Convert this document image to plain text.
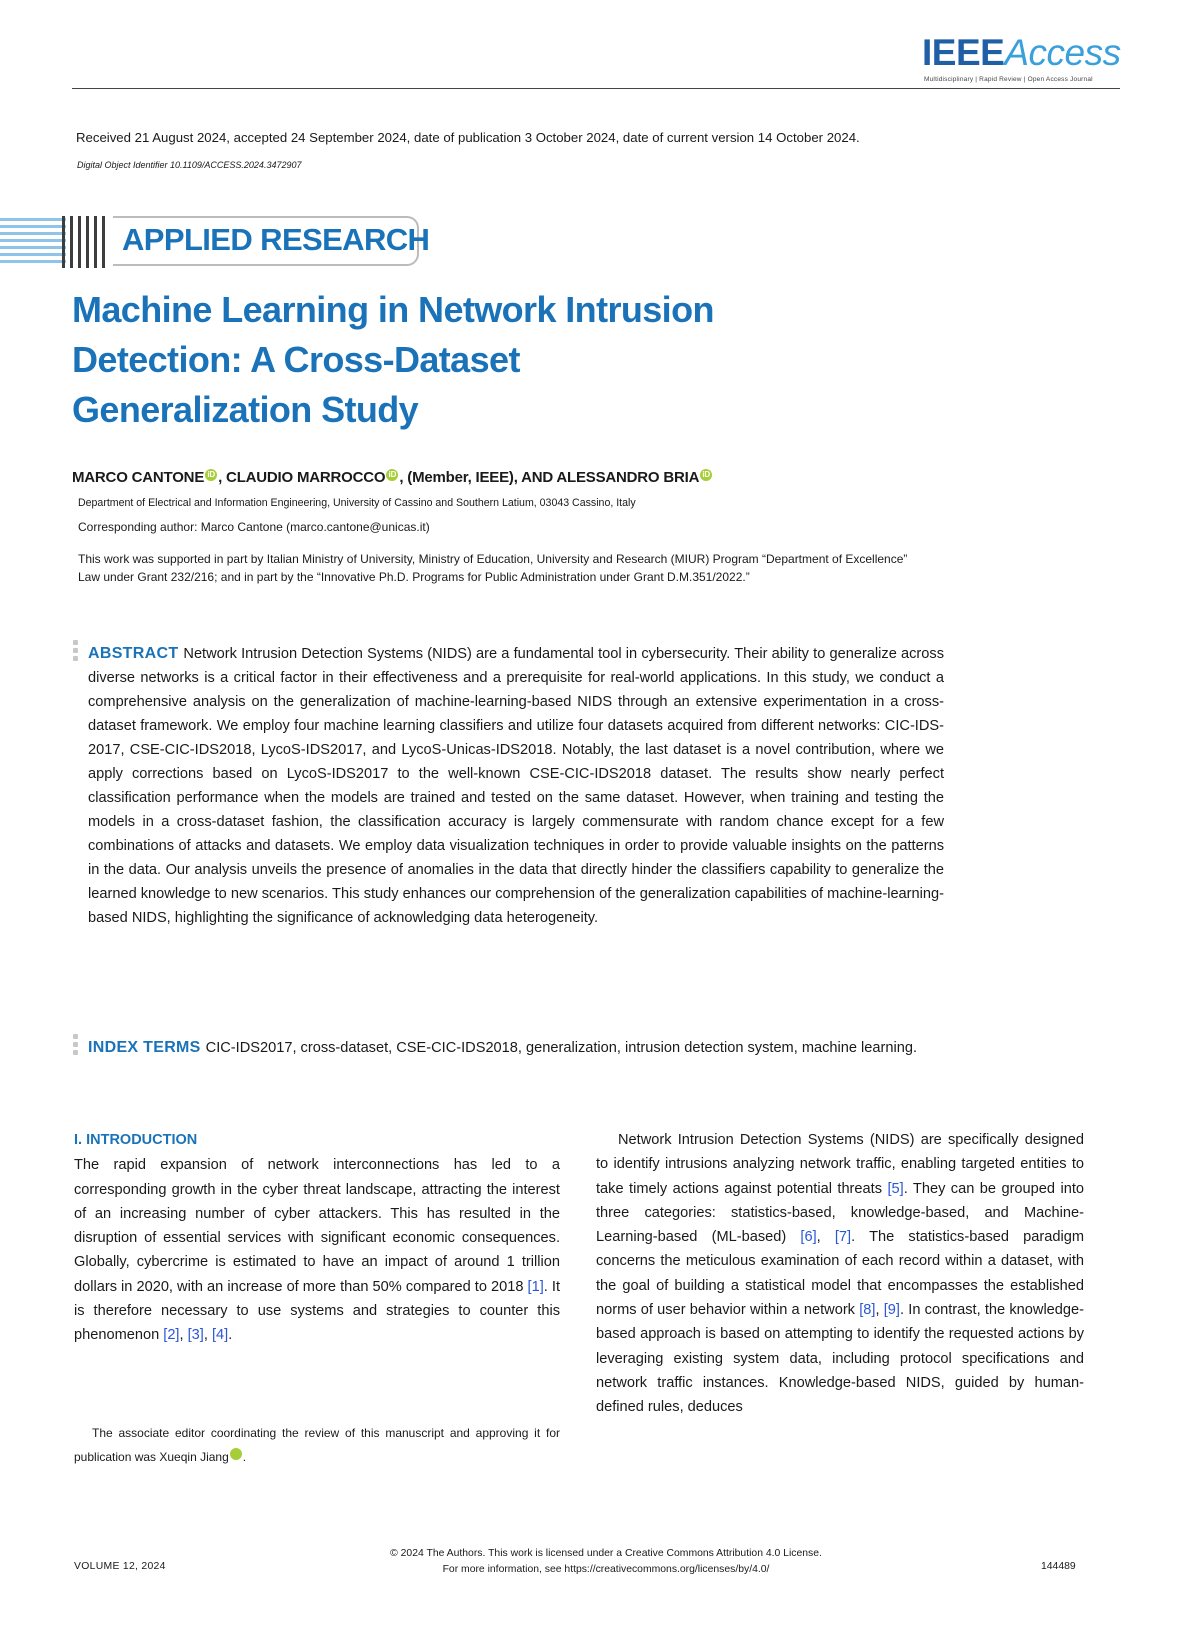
IEEEAccess
Multidisciplinary | Rapid Review | Open Access Journal
Received 21 August 2024, accepted 24 September 2024, date of publication 3 October 2024, date of current version 14 October 2024.
Digital Object Identifier 10.1109/ACCESS.2024.3472907
APPLIED RESEARCH
Machine Learning in Network Intrusion
Detection: A Cross-Dataset
Generalization Study
MARCO CANTONE iD , CLAUDIO MARROCCO iD , (Member, IEEE), AND ALESSANDRO BRIA iD
Department of Electrical and Information Engineering, University of Cassino and Southern Latium, 03043 Cassino, Italy
Corresponding author: Marco Cantone (marco.cantone@unicas.it)
This work was supported in part by Italian Ministry of University, Ministry of Education, University and Research (MIUR) Program “Department of Excellence” Law under Grant 232/216; and in part by the “Innovative Ph.D. Programs for Public Administration under Grant D.M.351/2022.”
ABSTRACT Network Intrusion Detection Systems (NIDS) are a fundamental tool in cybersecurity. Their ability to generalize across diverse networks is a critical factor in their effectiveness and a prerequisite for real-world applications. In this study, we conduct a comprehensive analysis on the generalization of machine-learning-based NIDS through an extensive experimentation in a cross-dataset framework. We employ four machine learning classifiers and utilize four datasets acquired from different networks: CIC-IDS-2017, CSE-CIC-IDS2018, LycoS-IDS2017, and LycoS-Unicas-IDS2018. Notably, the last dataset is a novel contribution, where we apply corrections based on LycoS-IDS2017 to the well-known CSE-CIC-IDS2018 dataset. The results show nearly perfect classification performance when the models are trained and tested on the same dataset. However, when training and testing the models in a cross-dataset fashion, the classification accuracy is largely commensurate with random chance except for a few combinations of attacks and datasets. We employ data visualization techniques in order to provide valuable insights on the patterns in the data. Our analysis unveils the presence of anomalies in the data that directly hinder the classifiers capability to generalize the learned knowledge to new scenarios. This study enhances our comprehension of the generalization capabilities of machine-learning-based NIDS, highlighting the significance of acknowledging data heterogeneity.
INDEX TERMS CIC-IDS2017, cross-dataset, CSE-CIC-IDS2018, generalization, intrusion detection system, machine learning.
I. INTRODUCTION
The rapid expansion of network interconnections has led to a corresponding growth in the cyber threat landscape, attracting the interest of an increasing number of cyber attackers. This has resulted in the disruption of essential services with significant economic consequences. Globally, cybercrime is estimated to have an impact of around 1 trillion dollars in 2020, with an increase of more than 50% compared to 2018 [1]. It is therefore necessary to use systems and strategies to counter this phenomenon [2], [3], [4].
The associate editor coordinating the review of this manuscript and approving it for publication was Xueqin Jiang iD.
Network Intrusion Detection Systems (NIDS) are specifically designed to identify intrusions analyzing network traffic, enabling targeted entities to take timely actions against potential threats [5]. They can be grouped into three categories: statistics-based, knowledge-based, and Machine-Learning-based (ML-based) [6], [7]. The statistics-based paradigm concerns the meticulous examination of each record within a dataset, with the goal of building a statistical model that encompasses the established norms of user behavior within a network [8], [9]. In contrast, the knowledge-based approach is based on attempting to identify the requested actions by leveraging existing system data, including protocol specifications and network traffic instances. Knowledge-based NIDS, guided by human-defined rules, deduces
VOLUME 12, 2024
© 2024 The Authors. This work is licensed under a Creative Commons Attribution 4.0 License.
For more information, see https://creativecommons.org/licenses/by/4.0/	144489
